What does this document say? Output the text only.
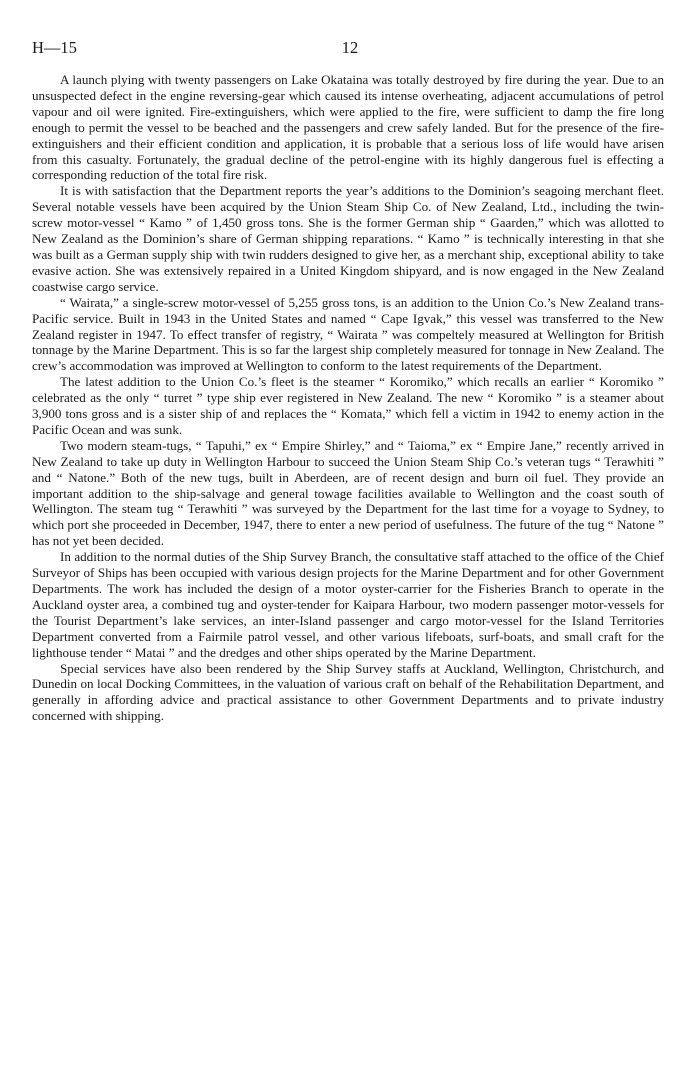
H—15	12

A launch plying with twenty passengers on Lake Okataina was totally destroyed by fire during the year. Due to an unsuspected defect in the engine reversing-gear which caused its intense overheating, adjacent accumulations of petrol vapour and oil were ignited. Fire-extinguishers, which were applied to the fire, were sufficient to damp the fire long enough to permit the vessel to be beached and the passengers and crew safely landed. But for the presence of the fire-extinguishers and their efficient condition and application, it is probable that a serious loss of life would have arisen from this casualty. Fortunately, the gradual decline of the petrol-engine with its highly dangerous fuel is effecting a corresponding reduction of the total fire risk.

It is with satisfaction that the Department reports the year’s additions to the Dominion’s seagoing merchant fleet. Several notable vessels have been acquired by the Union Steam Ship Co. of New Zealand, Ltd., including the twin-screw motor-vessel “ Kamo ” of 1,450 gross tons. She is the former German ship “ Gaarden,” which was allotted to New Zealand as the Dominion’s share of German shipping reparations. “ Kamo ” is technically interesting in that she was built as a German supply ship with twin rudders designed to give her, as a merchant ship, exceptional ability to take evasive action. She was extensively repaired in a United Kingdom shipyard, and is now engaged in the New Zealand coastwise cargo service.

“ Wairata,” a single-screw motor-vessel of 5,255 gross tons, is an addition to the Union Co.’s New Zealand trans-Pacific service. Built in 1943 in the United States and named “ Cape Igvak,” this vessel was transferred to the New Zealand register in 1947. To effect transfer of registry, “ Wairata ” was compeltely measured at Wellington for British tonnage by the Marine Department. This is so far the largest ship completely measured for tonnage in New Zealand. The crew’s accommodation was improved at Wellington to conform to the latest requirements of the Department.

The latest addition to the Union Co.’s fleet is the steamer “ Koromiko,” which recalls an earlier “ Koromiko ” celebrated as the only “ turret ” type ship ever registered in New Zealand. The new “ Koromiko ” is a steamer about 3,900 tons gross and is a sister ship of and replaces the “ Komata,” which fell a victim in 1942 to enemy action in the Pacific Ocean and was sunk.

Two modern steam-tugs, “ Tapuhi,” ex “ Empire Shirley,” and “ Taioma,” ex “ Empire Jane,” recently arrived in New Zealand to take up duty in Wellington Harbour to succeed the Union Steam Ship Co.’s veteran tugs “ Terawhiti ” and “ Natone.” Both of the new tugs, built in Aberdeen, are of recent design and burn oil fuel. They provide an important addition to the ship-salvage and general towage facilities available to Wellington and the coast south of Wellington. The steam tug “ Terawhiti ” was surveyed by the Department for the last time for a voyage to Sydney, to which port she proceeded in December, 1947, there to enter a new period of usefulness. The future of the tug “ Natone ” has not yet been decided.

In addition to the normal duties of the Ship Survey Branch, the consultative staff attached to the office of the Chief Surveyor of Ships has been occupied with various design projects for the Marine Department and for other Government Departments. The work has included the design of a motor oyster-carrier for the Fisheries Branch to operate in the Auckland oyster area, a combined tug and oyster-tender for Kaipara Harbour, two modern passenger motor-vessels for the Tourist Department’s lake services, an inter-Island passenger and cargo motor-vessel for the Island Territories Department converted from a Fairmile patrol vessel, and other various lifeboats, surf-boats, and small craft for the lighthouse tender “ Matai ” and the dredges and other ships operated by the Marine Department.

Special services have also been rendered by the Ship Survey staffs at Auckland, Wellington, Christchurch, and Dunedin on local Docking Committees, in the valuation of various craft on behalf of the Rehabilitation Department, and generally in affording advice and practical assistance to other Government Departments and to private industry concerned with shipping.
